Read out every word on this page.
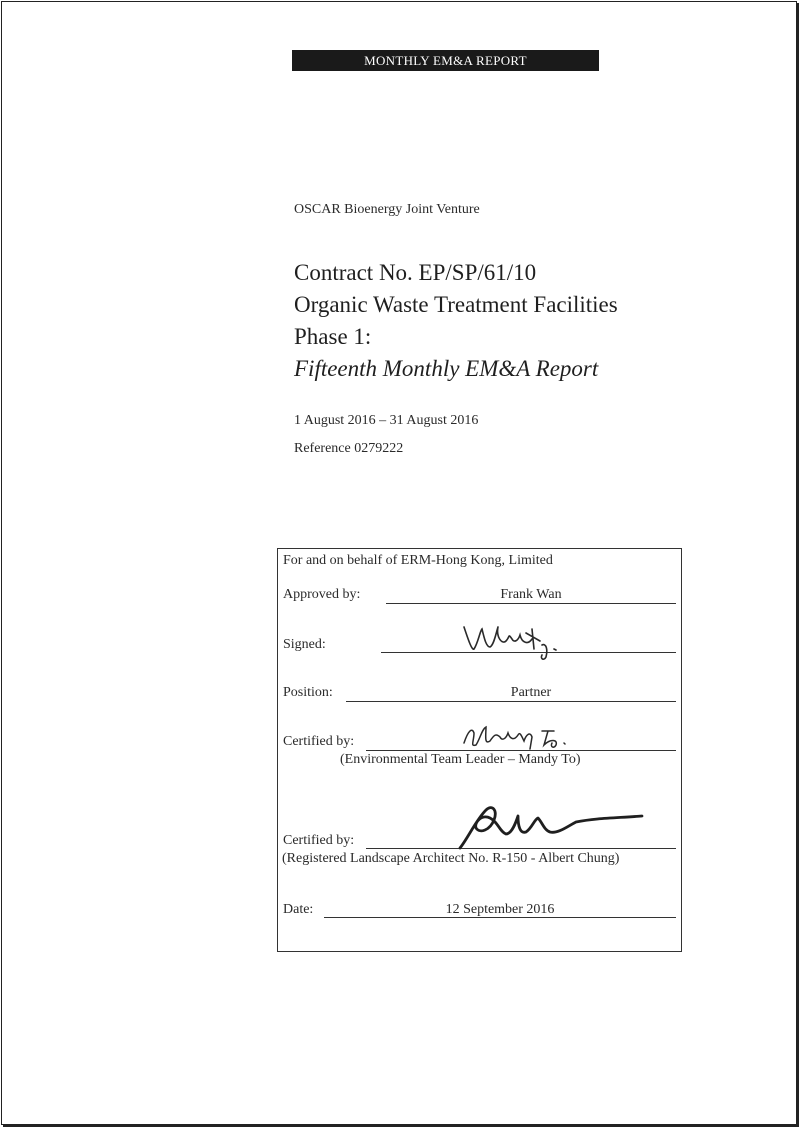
MONTHLY EM&A REPORT
OSCAR Bioenergy Joint Venture
Contract No. EP/SP/61/10
Organic Waste Treatment Facilities
Phase 1:
Fifteenth Monthly EM&A Report
1 August 2016 – 31 August 2016
Reference 0279222
For and on behalf of ERM-Hong Kong, Limited
Approved by:	Frank Wan
Signed:
Position:	Partner
Certified by:
(Environmental Team Leader – Mandy To)
Certified by:
(Registered Landscape Architect No. R-150 - Albert Chung)
Date:	12 September 2016
